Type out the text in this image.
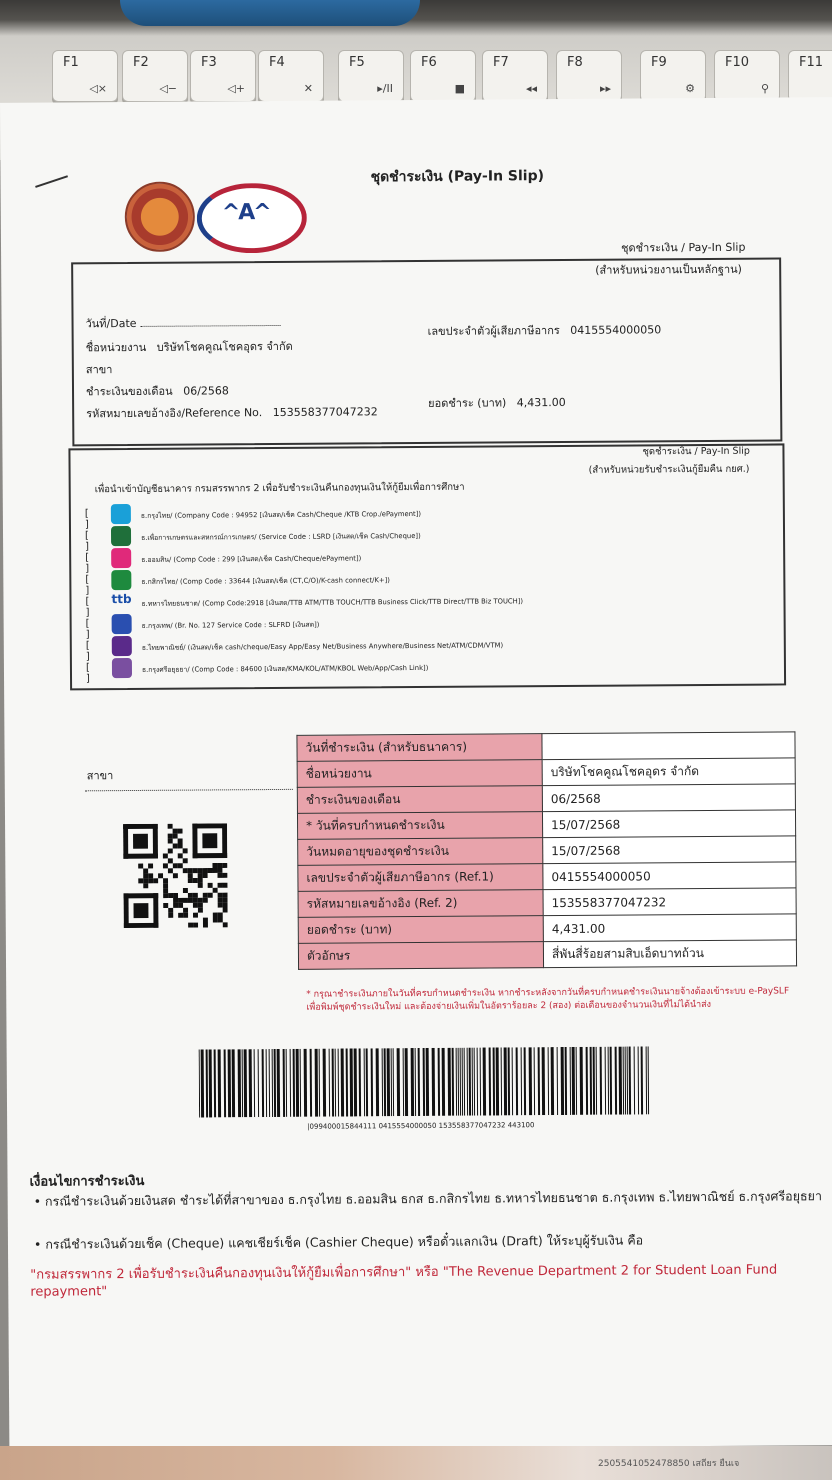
F1
◁×
F2
◁−
F3
◁+
F4
✕
F5
▸/II
F6
■
F7
◂◂
F8
▸▸
F9
⚙
F10
⚲
F11
ชุดชำระเงิน (Pay-In Slip)
^A^
ชุดชำระเงิน / Pay-In Slip
(สำหรับหน่วยงานเป็นหลักฐาน)
วันที่/Date
ชื่อหน่วยงาน บริษัทโชคคูณโชคอุดร จำกัด
สาขา
ชำระเงินของเดือน 06/2568
รหัสหมายเลขอ้างอิง/Reference No. 153558377047232
เลขประจำตัวผู้เสียภาษีอากร 0415554000050
ยอดชำระ (บาท) 4,431.00
ชุดชำระเงิน / Pay-In Slip
(สำหรับหน่วยรับชำระเงินกู้ยืมคืน กยศ.)
เพื่อนำเข้าบัญชีธนาคาร กรมสรรพากร 2 เพื่อรับชำระเงินคืนกองทุนเงินให้กู้ยืมเพื่อการศึกษา
[ ]
ธ.กรุงไทย/ (Company Code : 94952 [เงินสด/เช็ค Cash/Cheque /KTB Crop./ePayment])
[ ]
ธ.เพื่อการเกษตรและสหกรณ์การเกษตร/ (Service Code : LSRD [เงินสด/เช็ค Cash/Cheque])
[ ]
ธ.ออมสิน/ (Comp Code : 299 [เงินสด/เช็ค Cash/Cheque/ePayment])
[ ]
ธ.กสิกรไทย/ (Comp Code : 33644 [เงินสด/เช็ค (CT,C/O)/K-cash connect/K+])
[ ]
ttb ธ.ทหารไทยธนชาต/ (Comp Code:2918 [เงินสด/TTB ATM/TTB TOUCH/TTB Business Click/TTB Direct/TTB Biz TOUCH])
[ ]
ธ.กรุงเทพ/ (Br. No. 127 Service Code : SLFRD [เงินสด])
[ ]
ธ.ไทยพาณิชย์/ (เงินสด/เช็ค cash/cheque/Easy App/Easy Net/Business Anywhere/Business Net/ATM/CDM/VTM)
[ ]
ธ.กรุงศรีอยุธยา/ (Comp Code : 84600 [เงินสด/KMA/KOL/ATM/KBOL Web/App/Cash Link])
สาขา
วันที่ชำระเงิน (สำหรับธนาคาร)	
ชื่อหน่วยงาน	บริษัทโชคคูณโชคอุดร จำกัด
ชำระเงินของเดือน	06/2568
* วันที่ครบกำหนดชำระเงิน	15/07/2568
วันหมดอายุของชุดชำระเงิน	15/07/2568
เลขประจำตัวผู้เสียภาษีอากร (Ref.1)	0415554000050
รหัสหมายเลขอ้างอิง (Ref. 2)	153558377047232
ยอดชำระ (บาท)	4,431.00
ตัวอักษร	สี่พันสี่ร้อยสามสิบเอ็ดบาทถ้วน
* กรุณาชำระเงินภายในวันที่ครบกำหนดชำระเงิน หากชำระหลังจากวันที่ครบกำหนดชำระเงินนายจ้างต้องเข้าระบบ e-PaySLF เพื่อพิมพ์ชุดชำระเงินใหม่ และต้องจ่ายเงินเพิ่มในอัตราร้อยละ 2 (สอง) ต่อเดือนของจำนวนเงินที่ไม่ได้นำส่ง
|099400015844111 0415554000050 153558377047232 443100
เงื่อนไขการชำระเงิน
• กรณีชำระเงินด้วยเงินสด ชำระได้ที่สาขาของ ธ.กรุงไทย ธ.ออมสิน ธกส ธ.กสิกรไทย ธ.ทหารไทยธนชาต ธ.กรุงเทพ ธ.ไทยพาณิชย์ ธ.กรุงศรีอยุธยา
• กรณีชำระเงินด้วยเช็ค (Cheque) แคชเชียร์เช็ค (Cashier Cheque) หรือดั๋วแลกเงิน (Draft) ให้ระบุผู้รับเงิน คือ
"กรมสรรพากร 2 เพื่อรับชำระเงินคืนกองทุนเงินให้กู้ยืมเพื่อการศึกษา" หรือ "The Revenue Department 2 for Student Loan Fund repayment"
2505541052478850 เสถียร ยืนเจ
